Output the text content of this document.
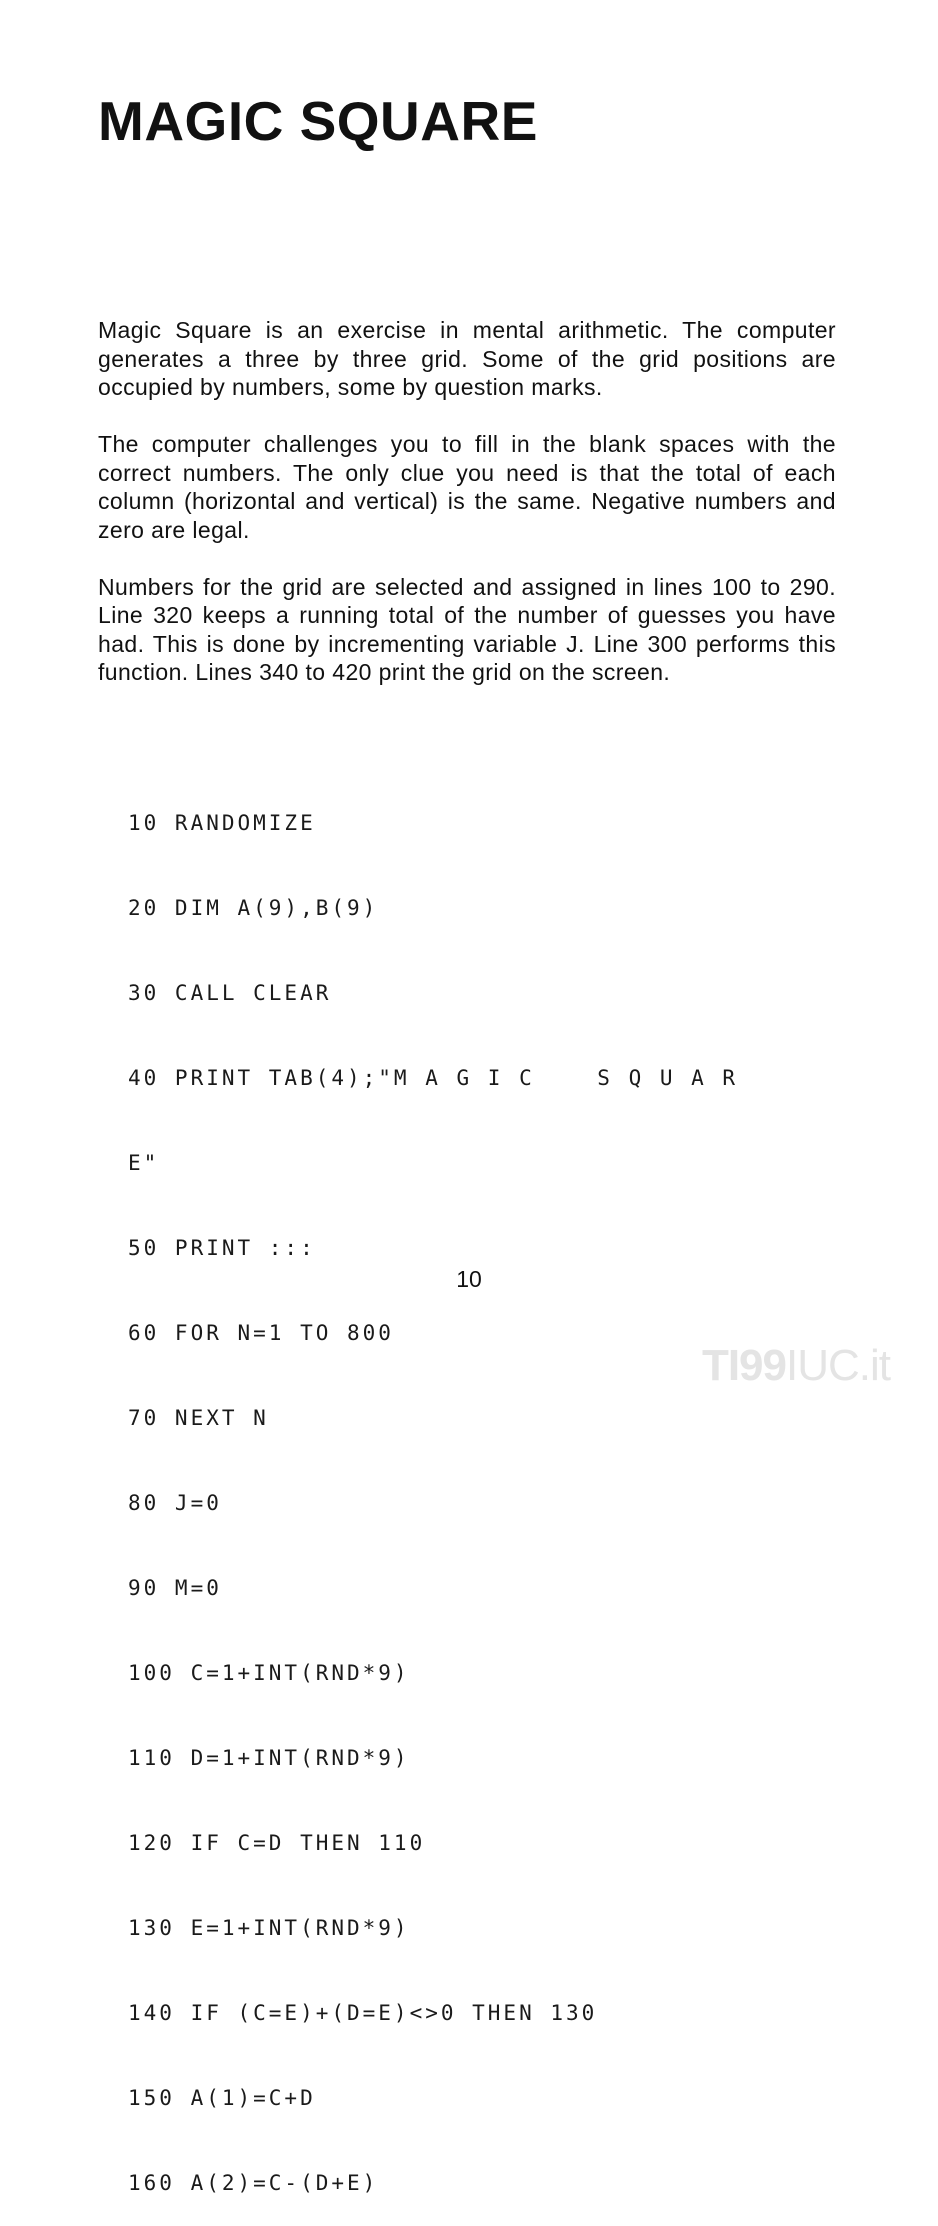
MAGIC SQUARE

Magic Square is an exercise in mental arithmetic. The computer generates a three by three grid. Some of the grid positions are occupied by numbers, some by question marks.

The computer challenges you to fill in the blank spaces with the correct numbers. The only clue you need is that the total of each column (horizontal and vertical) is the same. Negative numbers and zero are legal.

Numbers for the grid are selected and assigned in lines 100 to 290. Line 320 keeps a running total of the number of guesses you have had. This is done by incrementing variable J. Line 300 performs this function. Lines 340 to 420 print the grid on the screen.

10 RANDOMIZE

20 DIM A(9),B(9)

30 CALL CLEAR

40 PRINT TAB(4);"M A G I C    S Q U A R

E"

50 PRINT :::

60 FOR N=1 TO 800

70 NEXT N

80 J=0

90 M=0

100 C=1+INT(RND*9)

110 D=1+INT(RND*9)

120 IF C=D THEN 110

130 E=1+INT(RND*9)

140 IF (C=E)+(D=E)<>0 THEN 130

150 A(1)=C+D

160 A(2)=C-(D+E)

10
TI99IUC.it
